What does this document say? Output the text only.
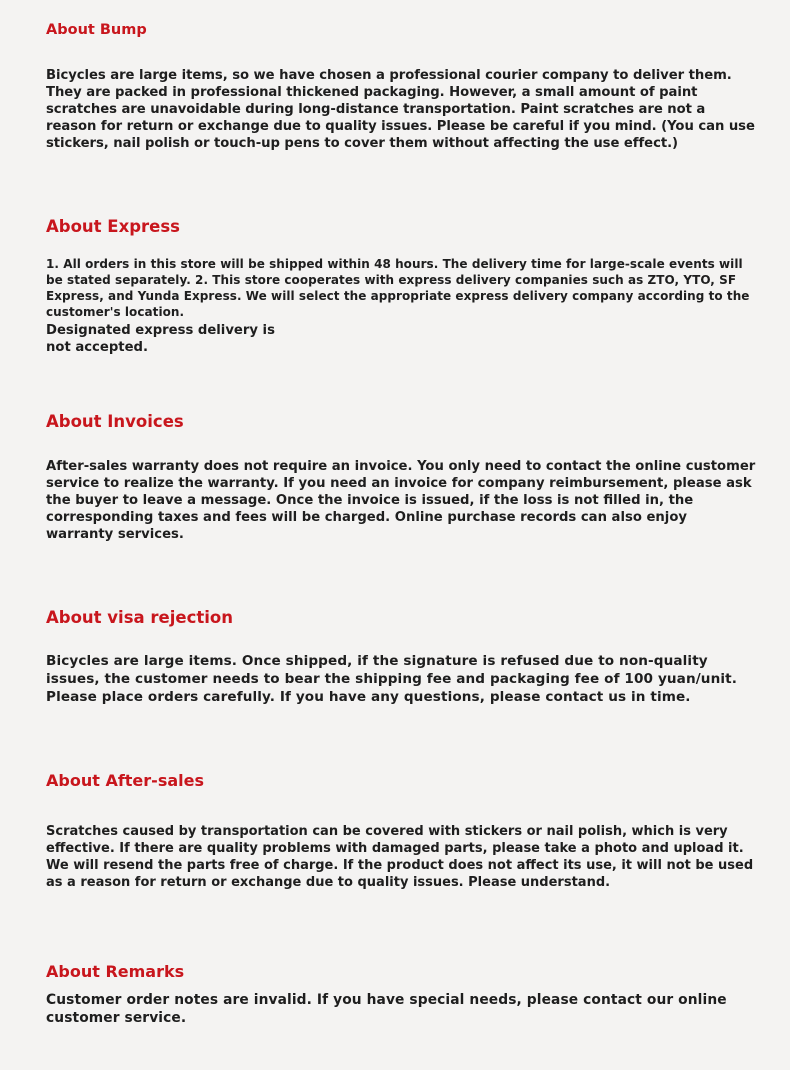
About Bump

Bicycles are large items, so we have chosen a professional courier company to deliver them. They are packed in professional thickened packaging. However, a small amount of paint scratches are unavoidable during long-distance transportation. Paint scratches are not a reason for return or exchange due to quality issues. Please be careful if you mind. (You can use stickers, nail polish or touch-up pens to cover them without affecting the use effect.)

About Express

1. All orders in this store will be shipped within 48 hours. The delivery time for large-scale events will be stated separately. 2. This store cooperates with express delivery companies such as ZTO, YTO, SF Express, and Yunda Express. We will select the appropriate express delivery company according to the customer's location.

Designated express delivery is not accepted.

About Invoices

After-sales warranty does not require an invoice. You only need to contact the online customer service to realize the warranty. If you need an invoice for company reimbursement, please ask the buyer to leave a message. Once the invoice is issued, if the loss is not filled in, the corresponding taxes and fees will be charged. Online purchase records can also enjoy warranty services.

About visa rejection

Bicycles are large items. Once shipped, if the signature is refused due to non-quality issues, the customer needs to bear the shipping fee and packaging fee of 100 yuan/unit. Please place orders carefully. If you have any questions, please contact us in time.

About After-sales

Scratches caused by transportation can be covered with stickers or nail polish, which is very effective. If there are quality problems with damaged parts, please take a photo and upload it. We will resend the parts free of charge. If the product does not affect its use, it will not be used as a reason for return or exchange due to quality issues. Please understand.

About Remarks

Customer order notes are invalid. If you have special needs, please contact our online customer service.
